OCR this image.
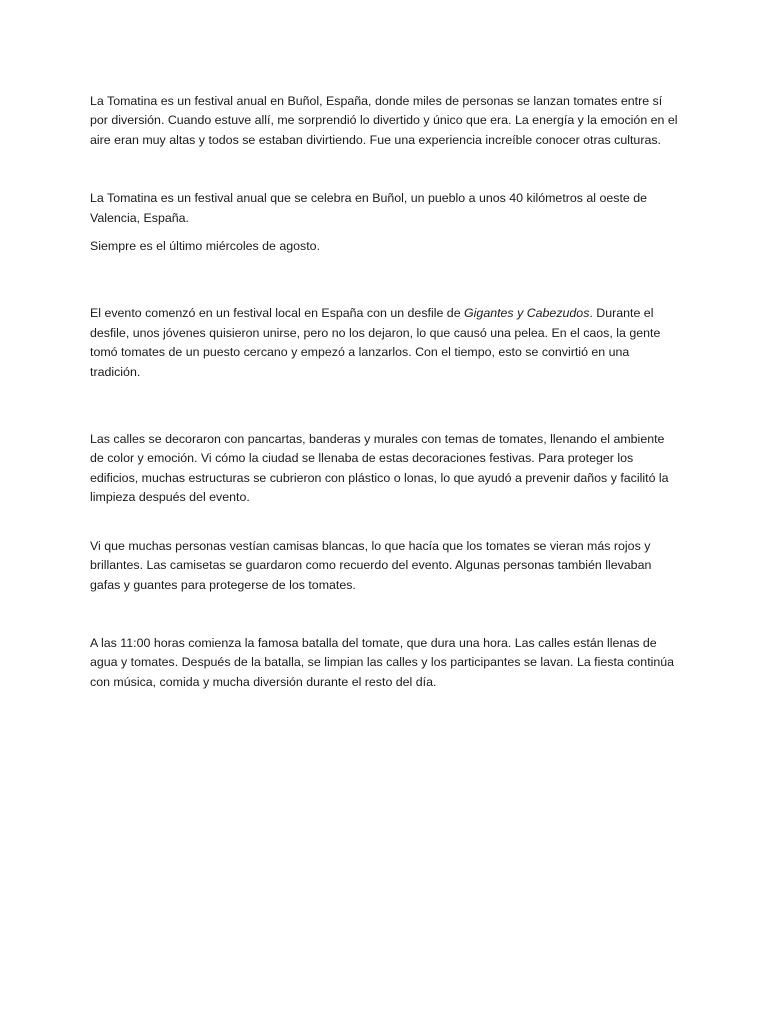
La Tomatina es un festival anual en Buñol, España, donde miles de personas se lanzan tomates entre sí por diversión. Cuando estuve allí, me sorprendió lo divertido y único que era. La energía y la emoción en el aire eran muy altas y todos se estaban divirtiendo. Fue una experiencia increíble conocer otras culturas.

La Tomatina es un festival anual que se celebra en Buñol, un pueblo a unos 40 kilómetros al oeste de Valencia, España.

Siempre es el último miércoles de agosto.

El evento comenzó en un festival local en España con un desfile de Gigantes y Cabezudos. Durante el desfile, unos jóvenes quisieron unirse, pero no los dejaron, lo que causó una pelea. En el caos, la gente tomó tomates de un puesto cercano y empezó a lanzarlos. Con el tiempo, esto se convirtió en una tradición.

Las calles se decoraron con pancartas, banderas y murales con temas de tomates, llenando el ambiente de color y emoción. Vi cómo la ciudad se llenaba de estas decoraciones festivas. Para proteger los edificios, muchas estructuras se cubrieron con plástico o lonas, lo que ayudó a prevenir daños y facilitó la limpieza después del evento.

Vi que muchas personas vestían camisas blancas, lo que hacía que los tomates se vieran más rojos y brillantes. Las camisetas se guardaron como recuerdo del evento. Algunas personas también llevaban gafas y guantes para protegerse de los tomates.

A las 11:00 horas comienza la famosa batalla del tomate, que dura una hora. Las calles están llenas de agua y tomates. Después de la batalla, se limpian las calles y los participantes se lavan. La fiesta continúa con música, comida y mucha diversión durante el resto del día.
